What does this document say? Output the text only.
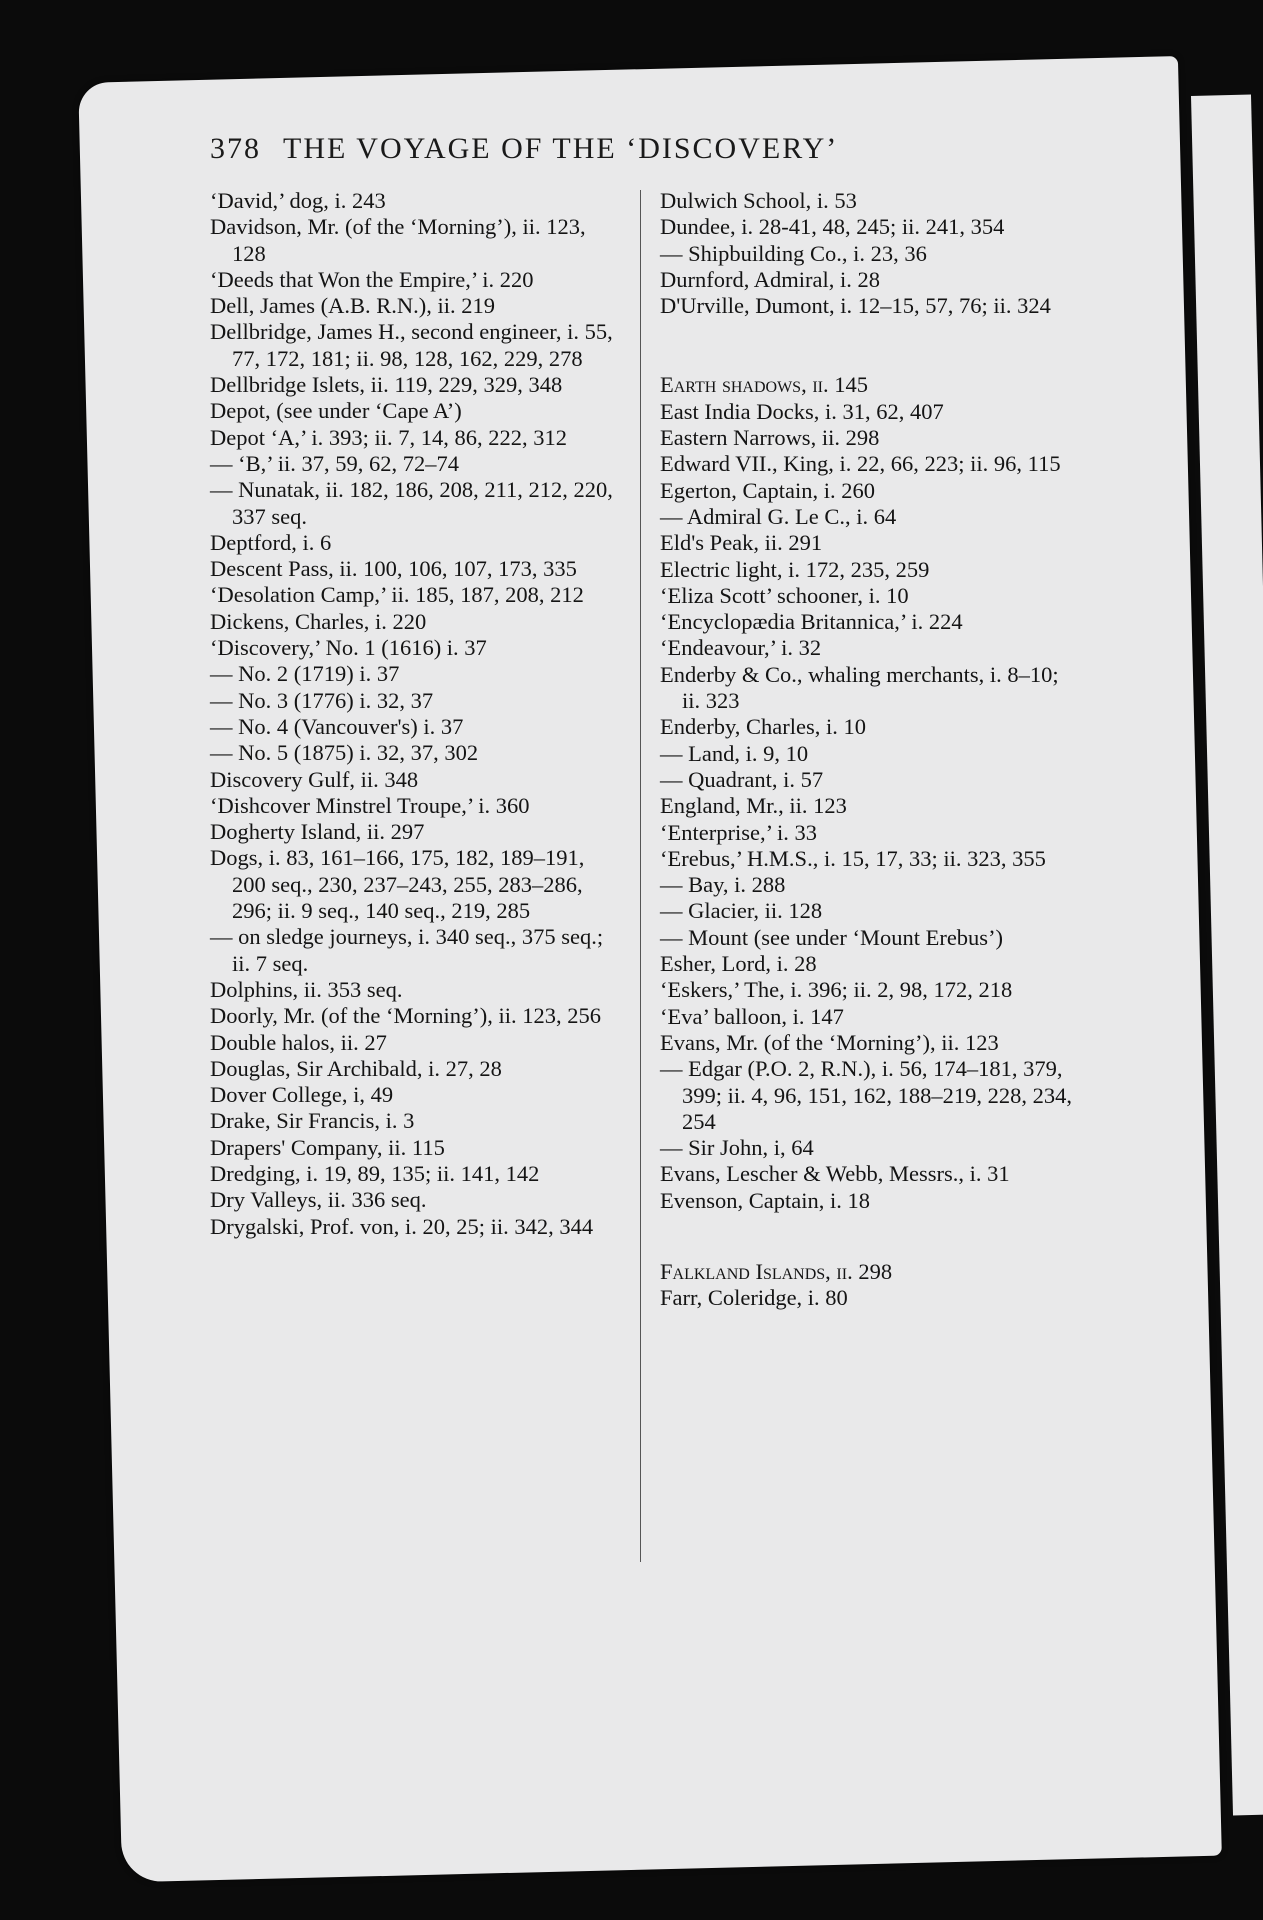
378 THE VOYAGE OF THE ‘DISCOVERY’
‘David,’ dog, i. 243
Davidson, Mr. (of the ‘Morning’), ii. 123, 128
‘Deeds that Won the Empire,’ i. 220
Dell, James (A.B. R.N.), ii. 219
Dellbridge, James H., second engineer, i. 55, 77, 172, 181; ii. 98, 128, 162, 229, 278
Dellbridge Islets, ii. 119, 229, 329, 348
Depot, (see under ‘Cape A’)
Depot ‘A,’ i. 393; ii. 7, 14, 86, 222, 312
— ‘B,’ ii. 37, 59, 62, 72–74
— Nunatak, ii. 182, 186, 208, 211, 212, 220, 337 seq.
Deptford, i. 6
Descent Pass, ii. 100, 106, 107, 173, 335
‘Desolation Camp,’ ii. 185, 187, 208, 212
Dickens, Charles, i. 220
‘Discovery,’ No. 1 (1616) i. 37
— No. 2 (1719) i. 37
— No. 3 (1776) i. 32, 37
— No. 4 (Vancouver's) i. 37
— No. 5 (1875) i. 32, 37, 302
Discovery Gulf, ii. 348
‘Dishcover Minstrel Troupe,’ i. 360
Dogherty Island, ii. 297
Dogs, i. 83, 161–166, 175, 182, 189–191, 200 seq., 230, 237–243, 255, 283–286, 296; ii. 9 seq., 140 seq., 219, 285
— on sledge journeys, i. 340 seq., 375 seq.; ii. 7 seq.
Dolphins, ii. 353 seq.
Doorly, Mr. (of the ‘Morning’), ii. 123, 256
Double halos, ii. 27
Douglas, Sir Archibald, i. 27, 28
Dover College, i, 49
Drake, Sir Francis, i. 3
Drapers' Company, ii. 115
Dredging, i. 19, 89, 135; ii. 141, 142
Dry Valleys, ii. 336 seq.
Drygalski, Prof. von, i. 20, 25; ii. 342, 344
Dulwich School, i. 53
Dundee, i. 28-41, 48, 245; ii. 241, 354
— Shipbuilding Co., i. 23, 36
Durnford, Admiral, i. 28
D'Urville, Dumont, i. 12–15, 57, 76; ii. 324
Earth shadows, ii. 145
East India Docks, i. 31, 62, 407
Eastern Narrows, ii. 298
Edward VII., King, i. 22, 66, 223; ii. 96, 115
Egerton, Captain, i. 260
— Admiral G. Le C., i. 64
Eld's Peak, ii. 291
Electric light, i. 172, 235, 259
‘Eliza Scott’ schooner, i. 10
‘Encyclopædia Britannica,’ i. 224
‘Endeavour,’ i. 32
Enderby & Co., whaling merchants, i. 8–10; ii. 323
Enderby, Charles, i. 10
— Land, i. 9, 10
— Quadrant, i. 57
England, Mr., ii. 123
‘Enterprise,’ i. 33
‘Erebus,’ H.M.S., i. 15, 17, 33; ii. 323, 355
— Bay, i. 288
— Glacier, ii. 128
— Mount (see under ‘Mount Erebus’)
Esher, Lord, i. 28
‘Eskers,’ The, i. 396; ii. 2, 98, 172, 218
‘Eva’ balloon, i. 147
Evans, Mr. (of the ‘Morning’), ii. 123
— Edgar (P.O. 2, R.N.), i. 56, 174–181, 379, 399; ii. 4, 96, 151, 162, 188–219, 228, 234, 254
— Sir John, i, 64
Evans, Lescher & Webb, Messrs., i. 31
Evenson, Captain, i. 18
Falkland Islands, ii. 298
Farr, Coleridge, i. 80
